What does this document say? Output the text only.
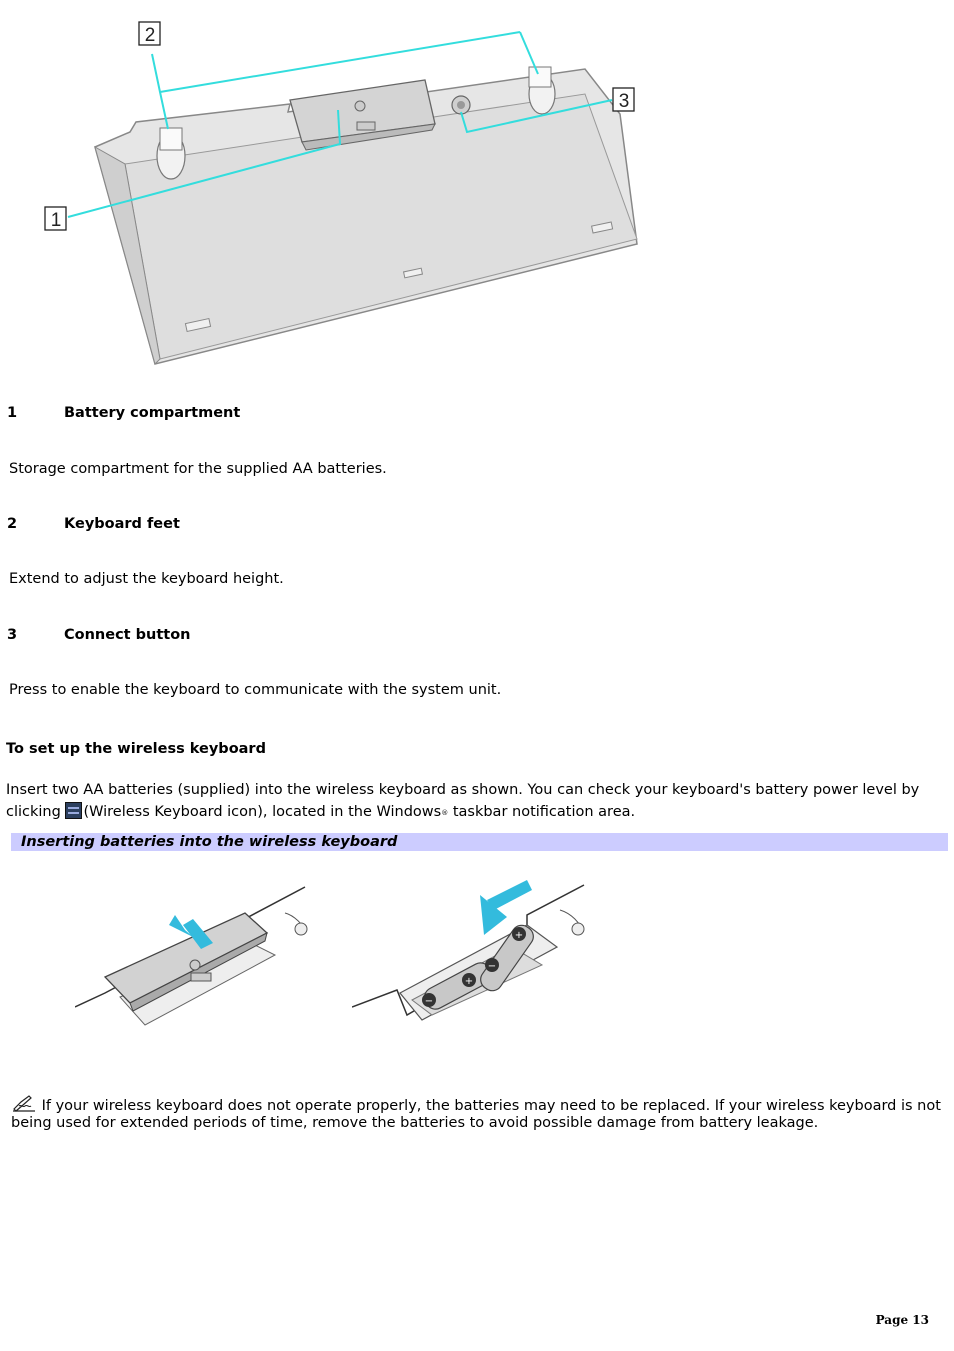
2
3
1
1	Battery compartment
Storage compartment for the supplied AA batteries.
2	Keyboard feet
Extend to adjust the keyboard height.
3	Connect button
Press to enable the keyboard to communicate with the system unit.
To set up the wireless keyboard
Insert two AA batteries (supplied) into the wireless keyboard as shown. You can check your keyboard's battery power level by clicking (Wireless Keyboard icon), located in the Windows® taskbar notification area.
Inserting batteries into the wireless keyboard
−
+
−
+
If your wireless keyboard does not operate properly, the batteries may need to be replaced. If your wireless keyboard is not being used for extended periods of time, remove the batteries to avoid possible damage from battery leakage.
Page 13
